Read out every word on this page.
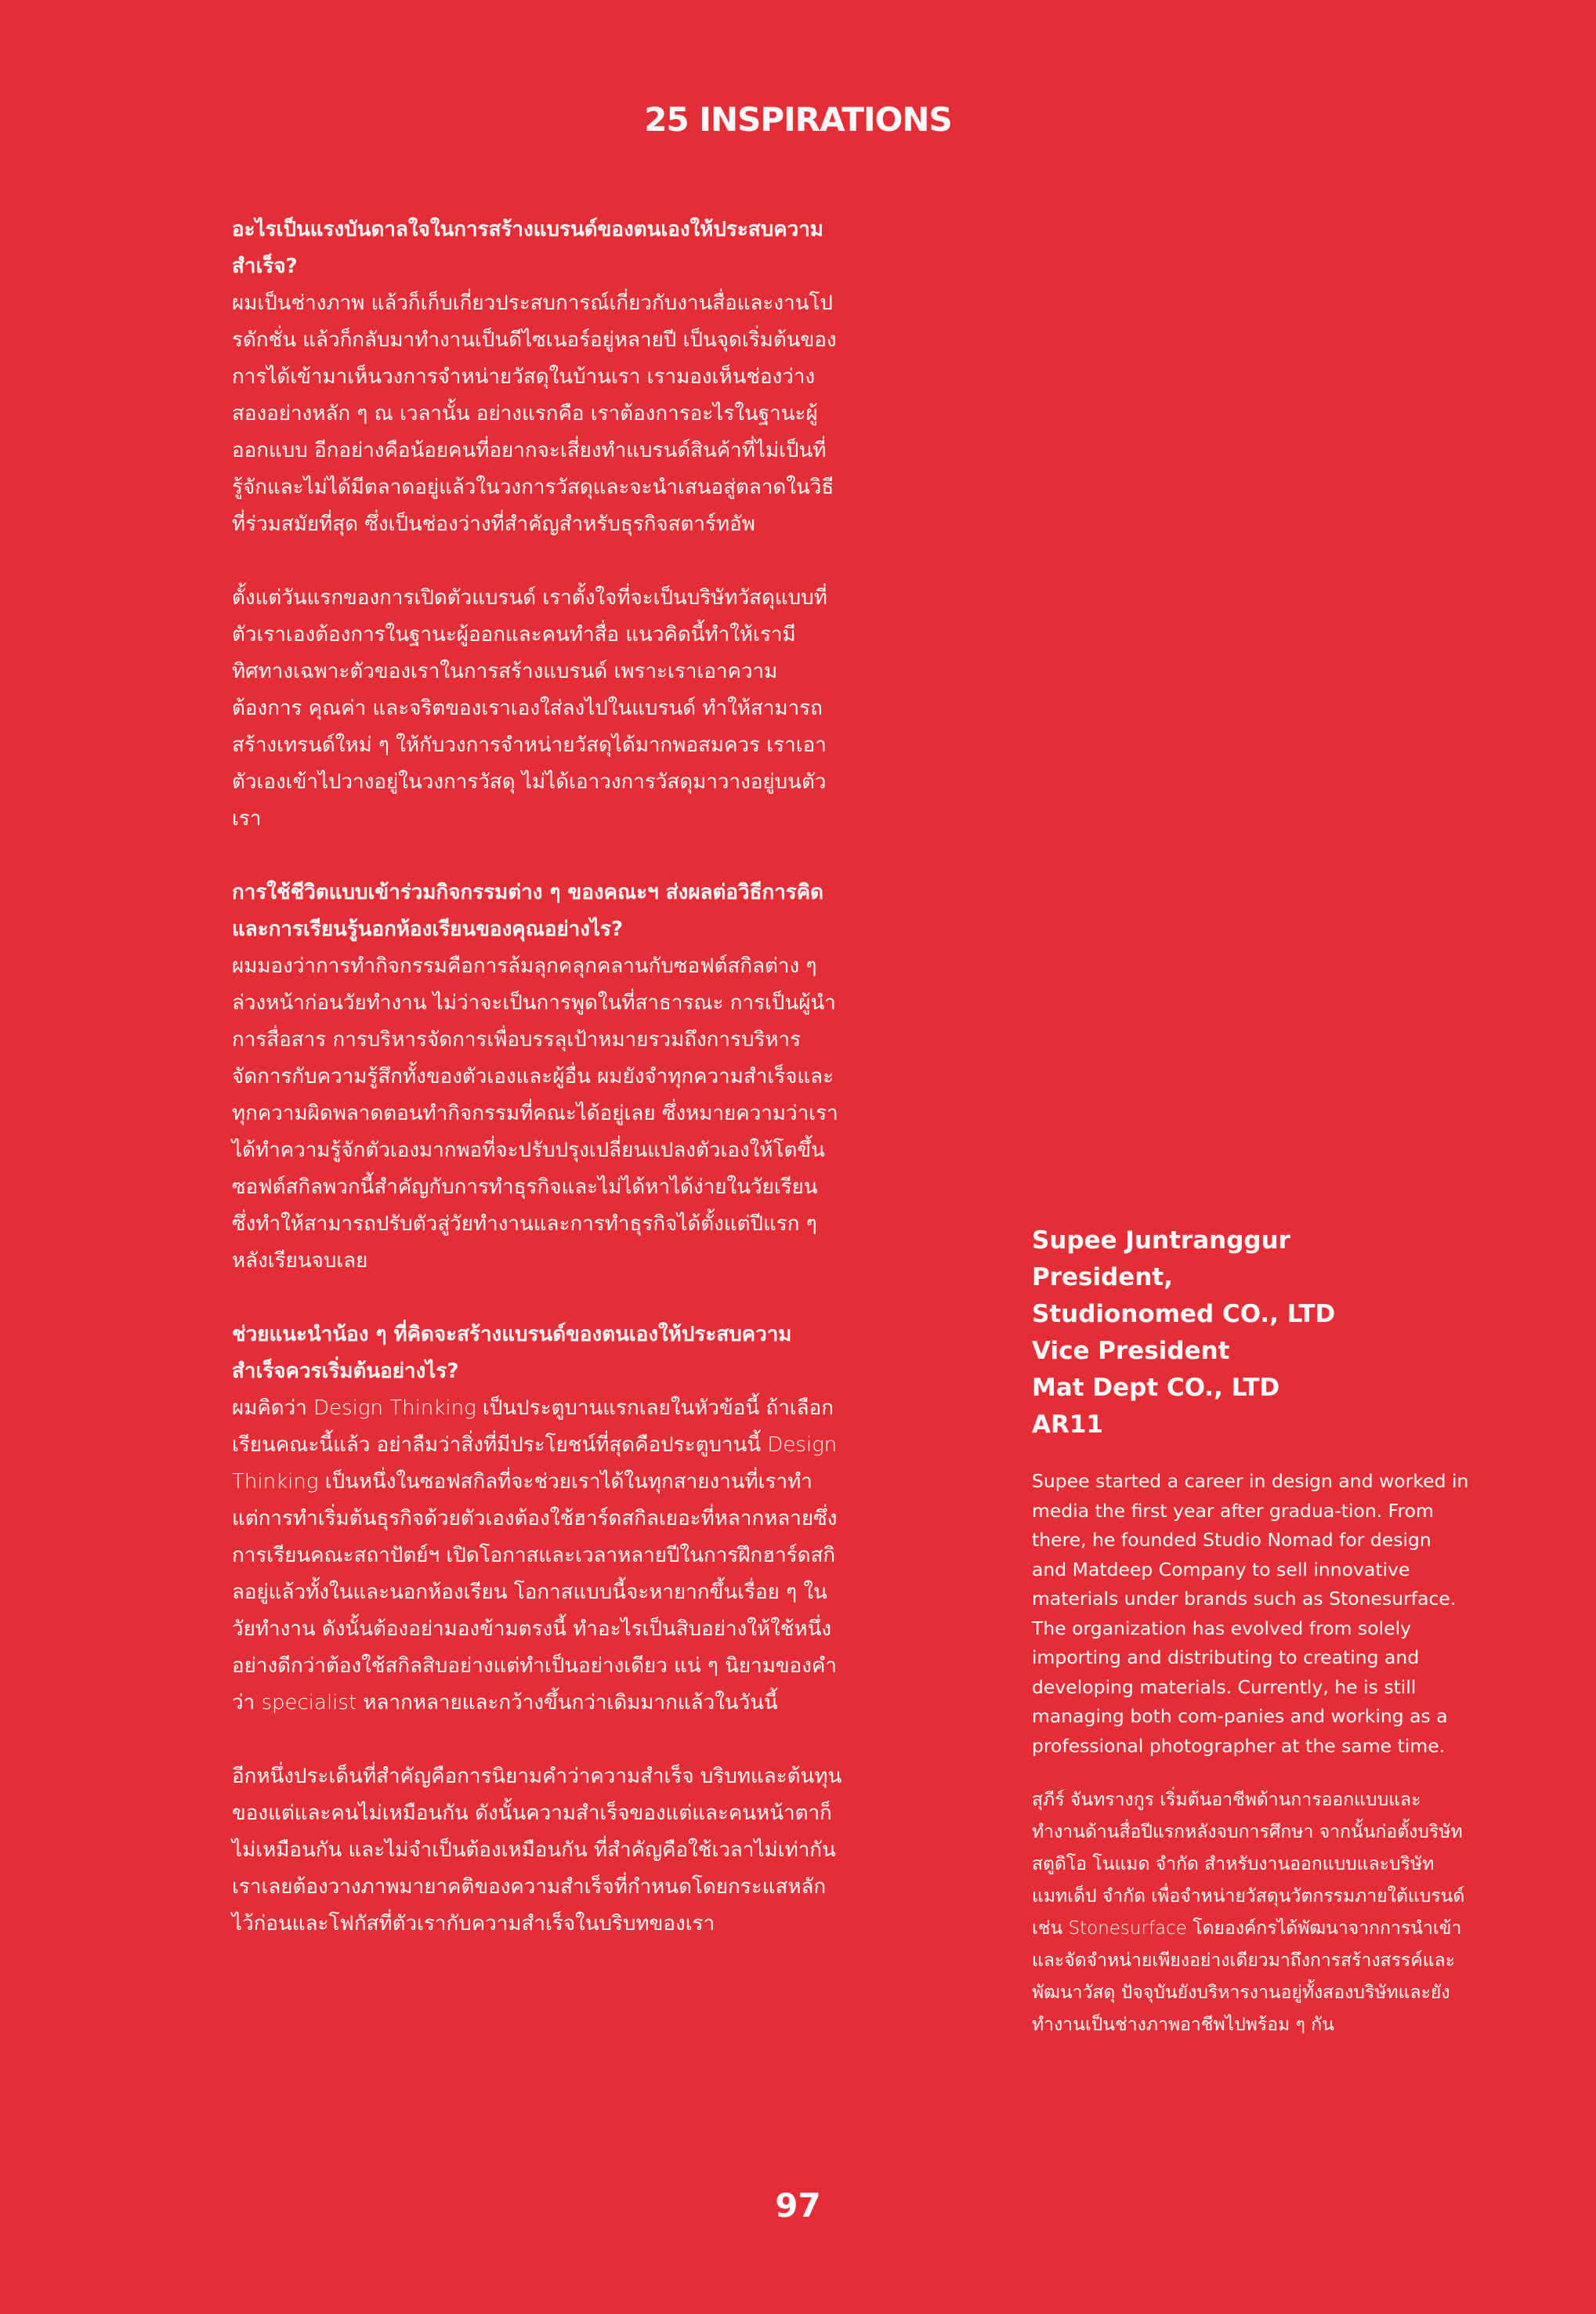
25 INSPIRATIONS

อะไรเป็นแรงบันดาลใจในการสร้างแบรนด์ของตนเองให้ประสบความสำเร็จ?

ผมเป็นช่างภาพ แล้วก็เก็บเกี่ยวประสบการณ์เกี่ยวกับงานสื่อและงานโปรดักชั่น แล้วก็กลับมาทำงานเป็นดีไซเนอร์อยู่หลายปี เป็นจุดเริ่มต้นของการได้เข้ามาเห็นวงการจำหน่ายวัสดุในบ้านเรา เรามองเห็นช่องว่างสองอย่างหลัก ๆ ณ เวลานั้น อย่างแรกคือ เราต้องการอะไรในฐานะผู้ออกแบบ อีกอย่างคือน้อยคนที่อยากจะเสี่ยงทำแบรนด์สินค้าที่ไม่เป็นที่รู้จักและไม่ได้มีตลาดอยู่แล้วในวงการวัสดุและจะนำเสนอสู่ตลาดในวิธีที่ร่วมสมัยที่สุด ซึ่งเป็นช่องว่างที่สำคัญสำหรับธุรกิจสตาร์ทอัพ

ตั้งแต่วันแรกของการเปิดตัวแบรนด์ เราตั้งใจที่จะเป็นบริษัทวัสดุแบบที่ตัวเราเองต้องการในฐานะผู้ออกและคนทำสื่อ แนวคิดนี้ทำให้เรามีทิศทางเฉพาะตัวของเราในการสร้างแบรนด์ เพราะเราเอาความต้องการ คุณค่า และจริตของเราเองใส่ลงไปในแบรนด์ ทำให้สามารถสร้างเทรนด์ใหม่ ๆ ให้กับวงการจำหน่ายวัสดุได้มากพอสมควร เราเอาตัวเองเข้าไปวางอยู่ในวงการวัสดุ ไม่ได้เอาวงการวัสดุมาวางอยู่บนตัวเรา

การใช้ชีวิตแบบเข้าร่วมกิจกรรมต่าง ๆ ของคณะฯ ส่งผลต่อวิธีการคิดและการเรียนรู้นอกห้องเรียนของคุณอย่างไร?

ผมมองว่าการทำกิจกรรมคือการล้มลุกคลุกคลานกับซอฟต์สกิลต่าง ๆ ล่วงหน้าก่อนวัยทำงาน ไม่ว่าจะเป็นการพูดในที่สาธารณะ การเป็นผู้นำ การสื่อสาร การบริหารจัดการเพื่อบรรลุเป้าหมายรวมถึงการบริหารจัดการกับความรู้สึกทั้งของตัวเองและผู้อื่น ผมยังจำทุกความสำเร็จและทุกความผิดพลาดตอนทำกิจกรรมที่คณะได้อยู่เลย ซึ่งหมายความว่าเราได้ทำความรู้จักตัวเองมากพอที่จะปรับปรุงเปลี่ยนแปลงตัวเองให้โตขึ้น ซอฟต์สกิลพวกนี้สำคัญกับการทำธุรกิจและไม่ได้หาได้ง่ายในวัยเรียน ซึ่งทำให้สามารถปรับตัวสู่วัยทำงานและการทำธุรกิจได้ตั้งแต่ปีแรก ๆ หลังเรียนจบเลย

ช่วยแนะนำน้อง ๆ ที่คิดจะสร้างแบรนด์ของตนเองให้ประสบความสำเร็จควรเริ่มต้นอย่างไร?

ผมคิดว่า Design Thinking เป็นประตูบานแรกเลยในหัวข้อนี้ ถ้าเลือกเรียนคณะนี้แล้ว อย่าลืมว่าสิ่งที่มีประโยชน์ที่สุดคือประตูบานนี้ Design Thinking เป็นหนึ่งในซอฟสกิลที่จะช่วยเราได้ในทุกสายงานที่เราทำ แต่การทำเริ่มต้นธุรกิจด้วยตัวเองต้องใช้ฮาร์ดสกิลเยอะที่หลากหลายซึ่งการเรียนคณะสถาปัตย์ฯ เปิดโอกาสและเวลาหลายปีในการฝึกฮาร์ดสกิลอยู่แล้วทั้งในและนอกห้องเรียน โอกาสแบบนี้จะหายากขึ้นเรื่อย ๆ ในวัยทำงาน ดังนั้นต้องอย่ามองข้ามตรงนี้ ทำอะไรเป็นสิบอย่างให้ใช้หนึ่งอย่างดีกว่าต้องใช้สกิลสิบอย่างแต่ทำเป็นอย่างเดียว แน่ ๆ นิยามของคำว่า specialist หลากหลายและกว้างขึ้นกว่าเดิมมากแล้วในวันนี้

อีกหนึ่งประเด็นที่สำคัญคือการนิยามคำว่าความสำเร็จ บริบทและต้นทุนของแต่และคนไม่เหมือนกัน ดังนั้นความสำเร็จของแต่และคนหน้าตาก็ไม่เหมือนกัน และไม่จำเป็นต้องเหมือนกัน ที่สำคัญคือใช้เวลาไม่เท่ากัน เราเลยต้องวางภาพมายาคติของความสำเร็จที่กำหนดโดยกระแสหลักไว้ก่อนและโฟกัสที่ตัวเรากับความสำเร็จในบริบทของเรา

Supee Juntranggur
President,
Studionomed CO., LTD
Vice President
Mat Dept CO., LTD
AR11

Supee started a career in design and worked in media the first year after gradua-tion. From there, he founded Studio Nomad for design and Matdeep Company to sell innovative materials under brands such as Stonesurface. The organization has evolved from solely importing and distributing to creating and developing materials. Currently, he is still managing both com-panies and working as a professional photographer at the same time.

สุภีร์ จันทรางกูร เริ่มต้นอาชีพด้านการออกแบบและทำงานด้านสื่อปีแรกหลังจบการศึกษา จากนั้นก่อตั้งบริษัท สตูดิโอ โนแมด จำกัด สำหรับงานออกแบบและบริษัท แมทเด็ป จำกัด เพื่อจำหน่ายวัสดุนวัตกรรมภายใต้แบรนด์ เช่น Stonesurface โดยองค์กรได้พัฒนาจากการนำเข้าและจัดจำหน่ายเพียงอย่างเดียวมาถึงการสร้างสรรค์และพัฒนาวัสดุ ปัจจุบันยังบริหารงานอยู่ทั้งสองบริษัทและยังทำงานเป็นช่างภาพอาชีพไปพร้อม ๆ กัน

97
